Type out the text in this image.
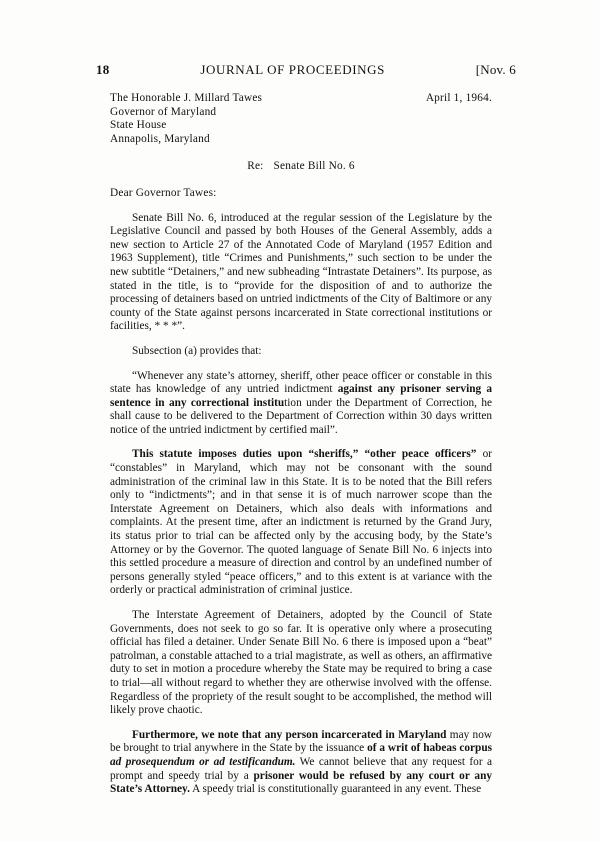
18	JOURNAL OF PROCEEDINGS	[Nov. 6
The Honorable J. Millard Tawes	April 1, 1964.
Governor of Maryland
State House
Annapolis, Maryland
Re: Senate Bill No. 6
Dear Governor Tawes:

Senate Bill No. 6, introduced at the regular session of the Legislature by the Legislative Council and passed by both Houses of the General Assembly, adds a new section to Article 27 of the Annotated Code of Maryland (1957 Edition and 1963 Supplement), title “Crimes and Punishments,” such section to be under the new subtitle “Detainers,” and new subheading “Intrastate Detainers”. Its purpose, as stated in the title, is to “provide for the disposition of and to authorize the processing of detainers based on untried indictments of the City of Baltimore or any county of the State against persons incarcerated in State correctional institutions or facilities, * * *”.

Subsection (a) provides that:

“Whenever any state’s attorney, sheriff, other peace officer or constable in this state has knowledge of any untried indictment against any prisoner serving a sentence in any correctional institution under the Department of Correction, he shall cause to be delivered to the Department of Correction within 30 days written notice of the untried indictment by certified mail”.

This statute imposes duties upon “sheriffs,” “other peace officers” or “constables” in Maryland, which may not be consonant with the sound administration of the criminal law in this State. It is to be noted that the Bill refers only to “indictments”; and in that sense it is of much narrower scope than the Interstate Agreement on Detainers, which also deals with informations and complaints. At the present time, after an indictment is returned by the Grand Jury, its status prior to trial can be affected only by the accusing body, by the State’s Attorney or by the Governor. The quoted language of Senate Bill No. 6 injects into this settled procedure a measure of direction and control by an undefined number of persons generally styled “peace officers,” and to this extent is at variance with the orderly or practical administration of criminal justice.

The Interstate Agreement of Detainers, adopted by the Council of State Governments, does not seek to go so far. It is operative only where a prosecuting official has filed a detainer. Under Senate Bill No. 6 there is imposed upon a “beat” patrolman, a constable attached to a trial magistrate, as well as others, an affirmative duty to set in motion a procedure whereby the State may be required to bring a case to trial—all without regard to whether they are otherwise involved with the offense. Regardless of the propriety of the result sought to be accomplished, the method will likely prove chaotic.

Furthermore, we note that any person incarcerated in Maryland may now be brought to trial anywhere in the State by the issuance of a writ of habeas corpus ad prosequendum or ad testificandum. We cannot believe that any request for a prompt and speedy trial by a prisoner would be refused by any court or any State’s Attorney. A speedy trial is constitutionally guaranteed in any event. These
